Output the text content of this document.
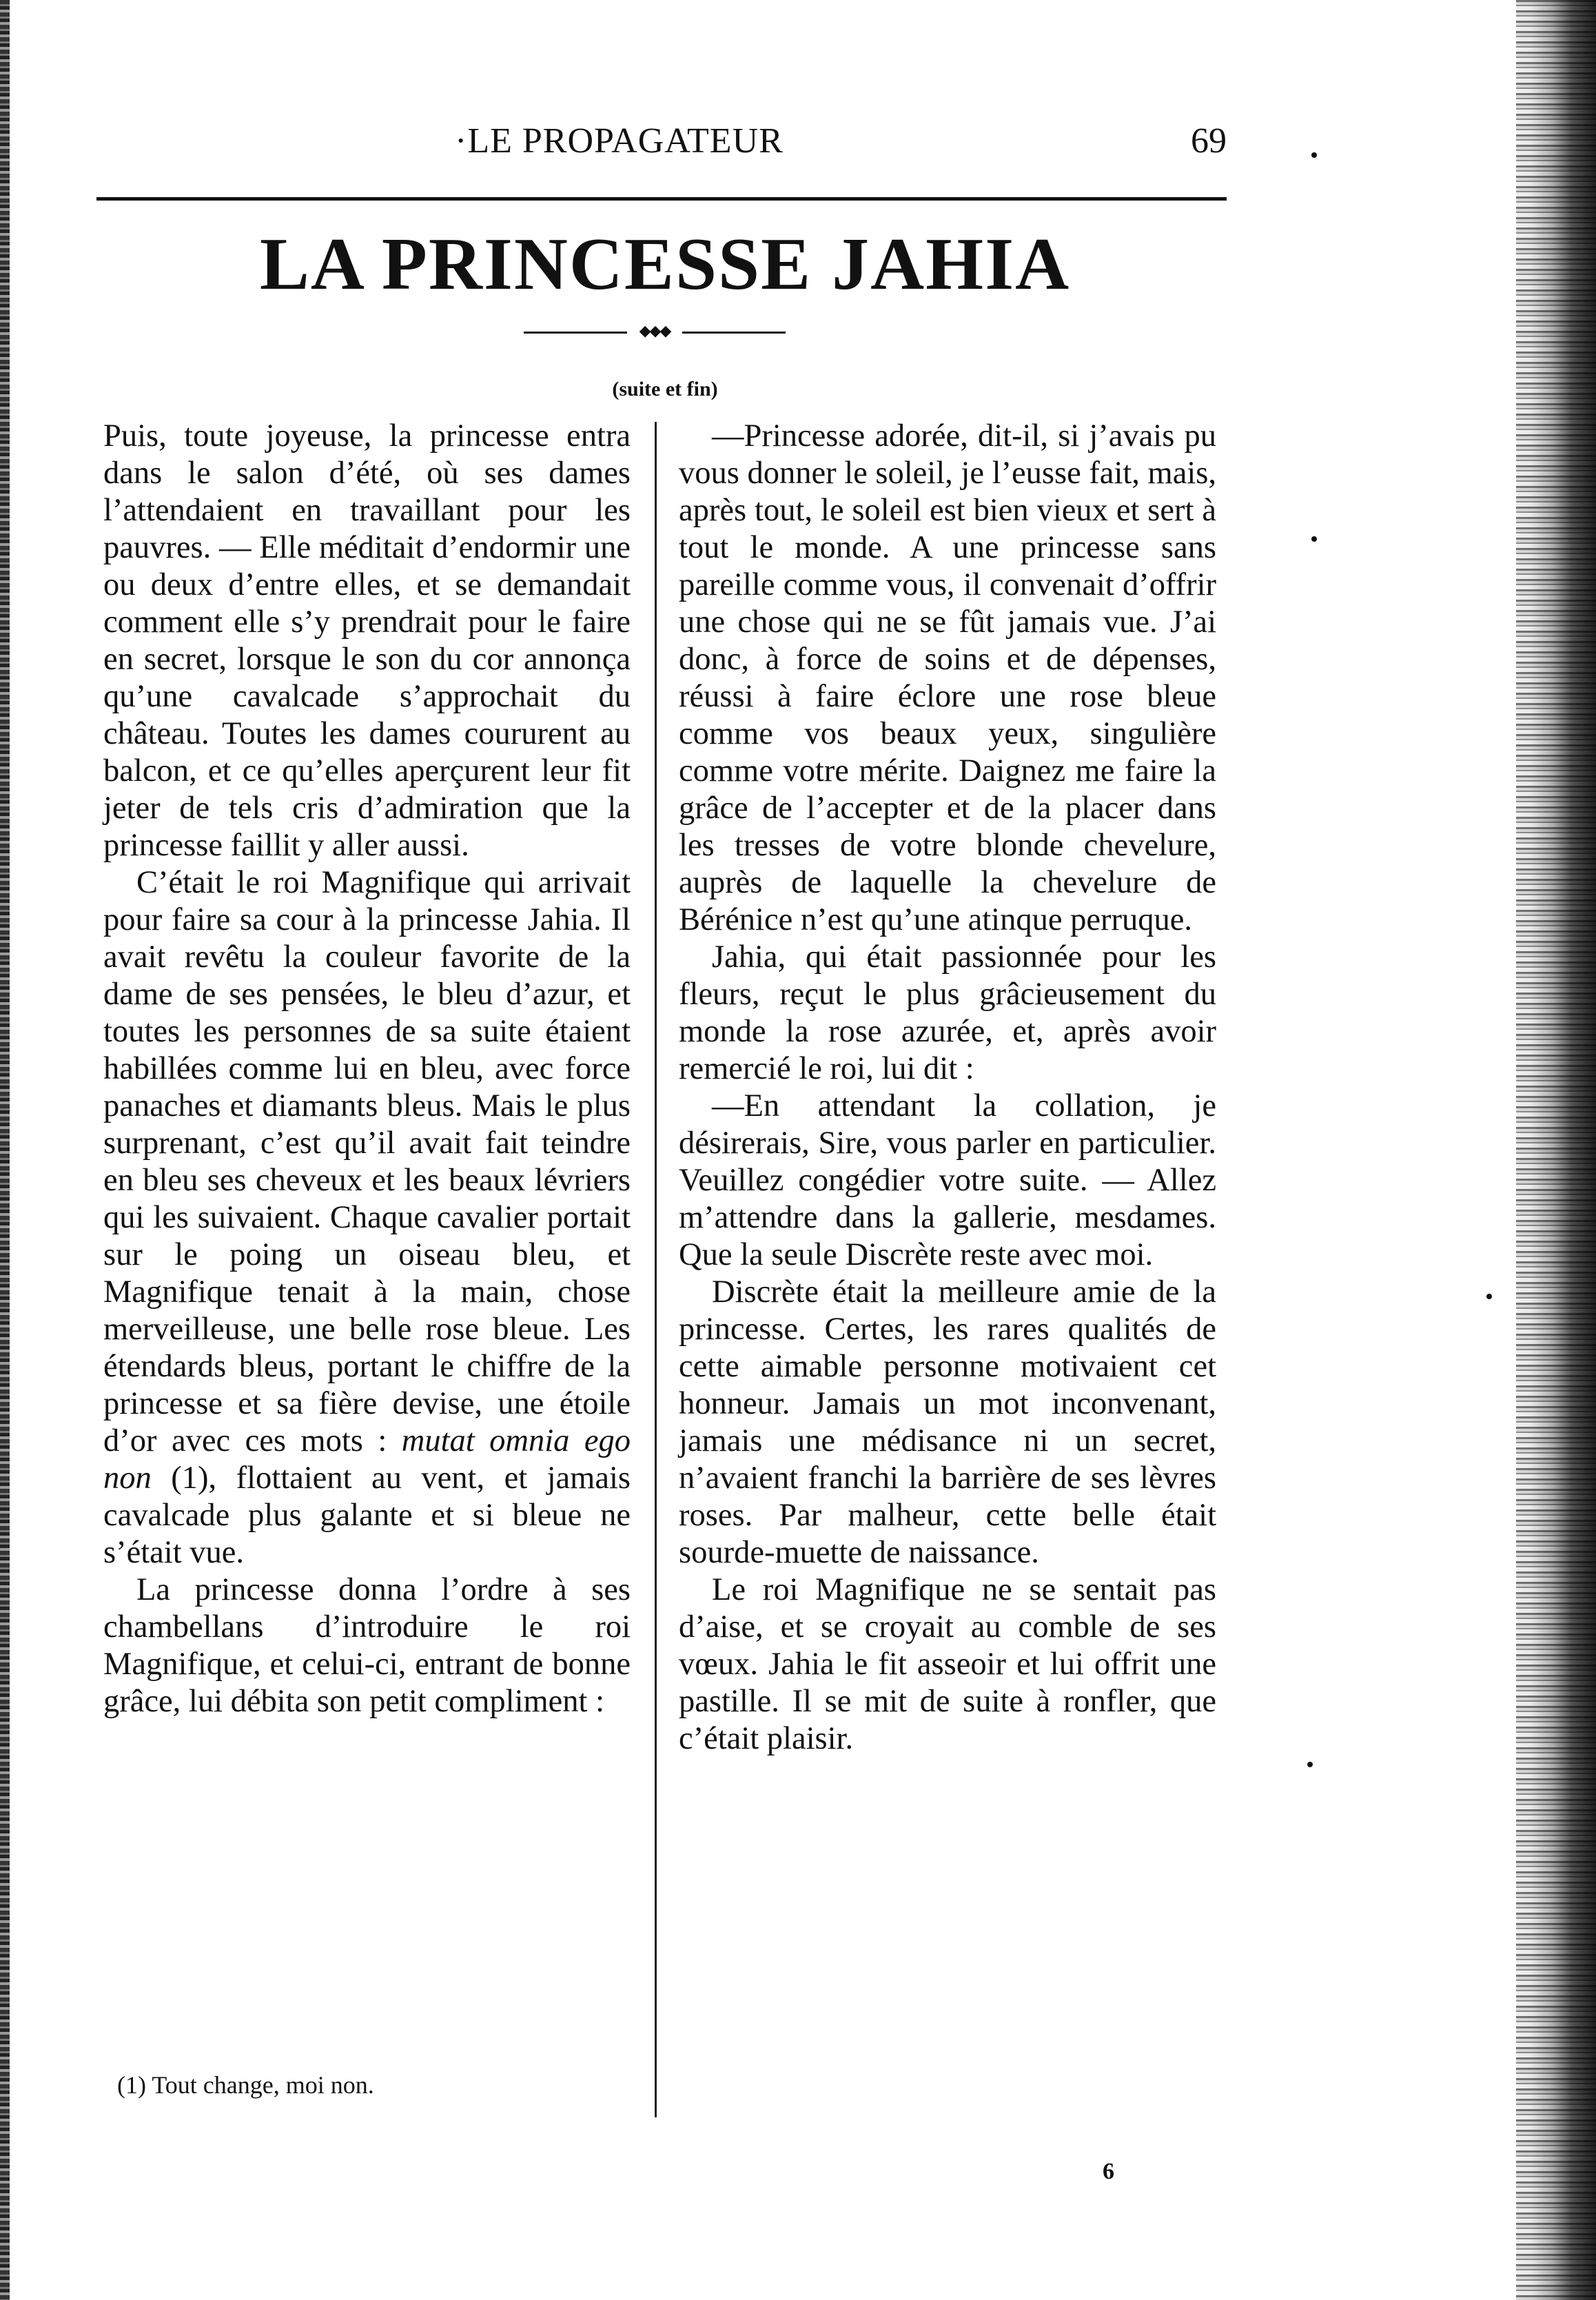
·LE PROPAGATEUR	69
LA PRINCESSE JAHIA
◆◆◆
(suite et fin)

Puis, toute joyeuse, la princesse entra dans le salon d’été, où ses dames l’attendaient en travaillant pour les pauvres. — Elle méditait d’endormir une ou deux d’entre elles, et se demandait comment elle s’y prendrait pour le faire en secret, lorsque le son du cor annonça qu’une cavalcade s’approchait du château. Toutes les dames coururent au balcon, et ce qu’elles aperçurent leur fit jeter de tels cris d’admiration que la princesse faillit y aller aussi.

C’était le roi Magnifique qui arrivait pour faire sa cour à la princesse Jahia. Il avait revêtu la couleur favorite de la dame de ses pensées, le bleu d’azur, et toutes les personnes de sa suite étaient habillées comme lui en bleu, avec force panaches et diamants bleus. Mais le plus surprenant, c’est qu’il avait fait teindre en bleu ses cheveux et les beaux lévriers qui les suivaient. Chaque cavalier portait sur le poing un oiseau bleu, et Magnifique tenait à la main, chose merveilleuse, une belle rose bleue. Les étendards bleus, portant le chiffre de la princesse et sa fière devise, une étoile d’or avec ces mots : mutat omnia ego non (1), flottaient au vent, et jamais cavalcade plus galante et si bleue ne s’était vue.

La princesse donna l’ordre à ses chambellans d’introduire le roi Magnifique, et celui-ci, entrant de bonne grâce, lui débita son petit compliment :

—Princesse adorée, dit-il, si j’avais pu vous donner le soleil, je l’eusse fait, mais, après tout, le soleil est bien vieux et sert à tout le monde. A une princesse sans pareille comme vous, il convenait d’offrir une chose qui ne se fût jamais vue. J’ai donc, à force de soins et de dépenses, réussi à faire éclore une rose bleue comme vos beaux yeux, singulière comme votre mérite. Daignez me faire la grâce de l’accepter et de la placer dans les tresses de votre blonde chevelure, auprès de laquelle la chevelure de Bérénice n’est qu’une atinque perruque.

Jahia, qui était passionnée pour les fleurs, reçut le plus grâcieusement du monde la rose azurée, et, après avoir remercié le roi, lui dit :

—En attendant la collation, je désirerais, Sire, vous parler en particulier. Veuillez congédier votre suite. — Allez m’attendre dans la gallerie, mesdames. Que la seule Discrète reste avec moi.

Discrète était la meilleure amie de la princesse. Certes, les rares qualités de cette aimable personne motivaient cet honneur. Jamais un mot inconvenant, jamais une médisance ni un secret, n’avaient franchi la barrière de ses lèvres roses. Par malheur, cette belle était sourde-muette de naissance.

Le roi Magnifique ne se sentait pas d’aise, et se croyait au comble de ses vœux. Jahia le fit asseoir et lui offrit une pastille. Il se mit de suite à ronfler, que c’était plaisir.

(1) Tout change, moi non.
6
